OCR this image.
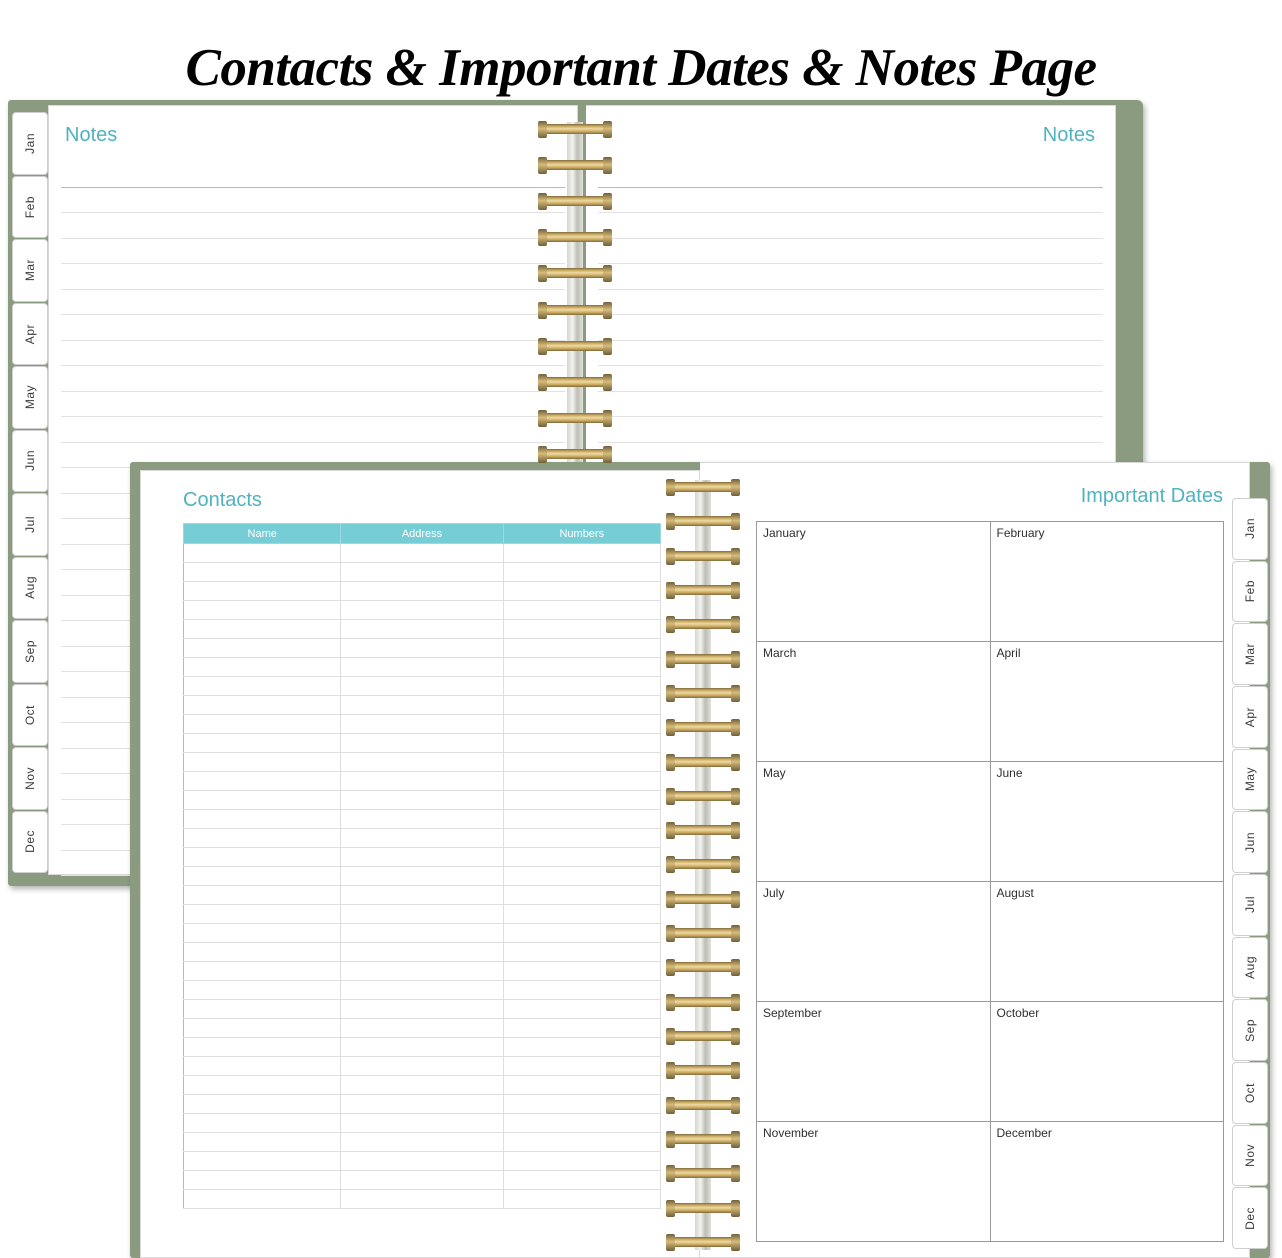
Contacts & Important Dates & Notes Page
Jan
Feb
Mar
Apr
May
Jun
Jul
Aug
Sep
Oct
Nov
Dec
Notes	Notes
Contacts
Name	Address	Numbers

Important Dates
January	February
March	April
May	June
July	August
September	October
November	December
Jan
Feb
Mar
Apr
May
Jun
Jul
Aug
Sep
Oct
Nov
Dec
